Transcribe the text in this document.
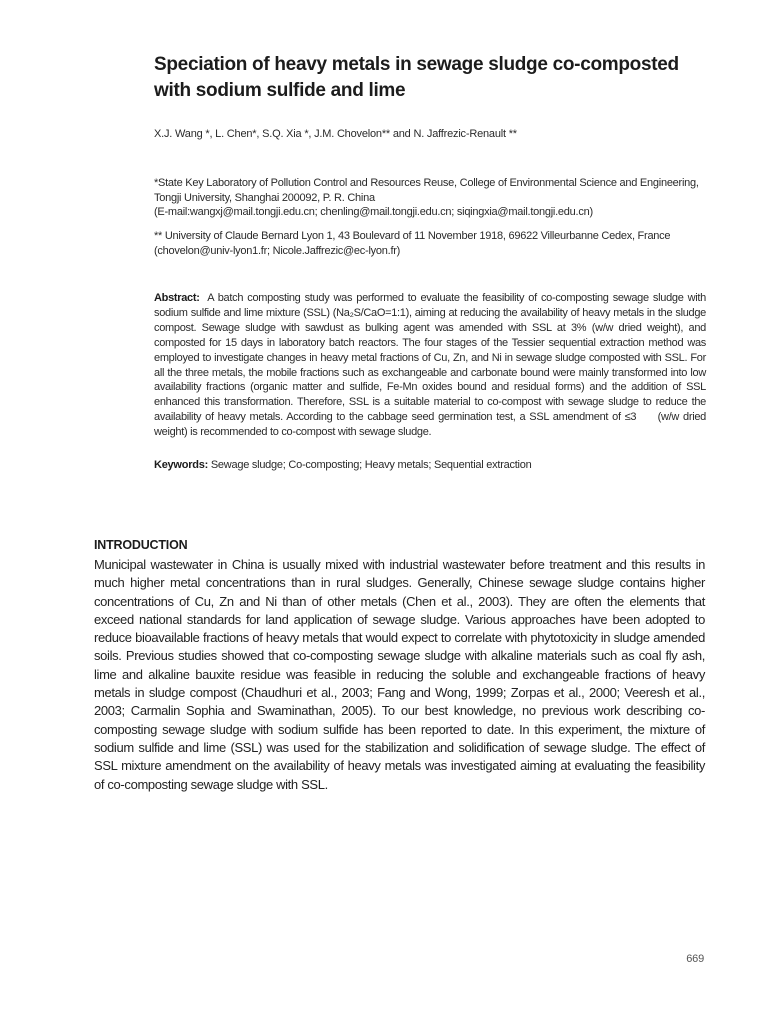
Speciation of heavy metals in sewage sludge co-composted with sodium sulfide and lime
X.J. Wang *, L. Chen*, S.Q. Xia *, J.M. Chovelon** and N. Jaffrezic-Renault **

*State Key Laboratory of Pollution Control and Resources Reuse, College of Environmental Science and Engineering, Tongji University, Shanghai 200092, P. R. China

(E-mail:wangxj@mail.tongji.edu.cn; chenling@mail.tongji.edu.cn; siqingxia@mail.tongji.edu.cn)

** University of Claude Bernard Lyon 1, 43 Boulevard of 11 November 1918, 69622 Villeurbanne Cedex, France

(chovelon@univ-lyon1.fr; Nicole.Jaffrezic@ec-lyon.fr)

Abstract: A batch composting study was performed to evaluate the feasibility of co-composting sewage sludge with sodium sulfide and lime mixture (SSL) (Na₂S/CaO=1:1), aiming at reducing the availability of heavy metals in the sludge compost. Sewage sludge with sawdust as bulking agent was amended with SSL at 3% (w/w dried weight), and composted for 15 days in laboratory batch reactors. The four stages of the Tessier sequential extraction method was employed to investigate changes in heavy metal fractions of Cu, Zn, and Ni in sewage sludge composted with SSL. For all the three metals, the mobile fractions such as exchangeable and carbonate bound were mainly transformed into low availability fractions (organic matter and sulfide, Fe-Mn oxides bound and residual forms) and the addition of SSL enhanced this transformation. Therefore, SSL is a suitable material to co-compost with sewage sludge to reduce the availability of heavy metals. According to the cabbage seed germination test, a SSL amendment of ≤3  (w/w dried weight) is recommended to co-compost with sewage sludge.
Keywords: Sewage sludge; Co-composting; Heavy metals; Sequential extraction
INTRODUCTION
Municipal wastewater in China is usually mixed with industrial wastewater before treatment and this results in much higher metal concentrations than in rural sludges. Generally, Chinese sewage sludge contains higher concentrations of Cu, Zn and Ni than of other metals (Chen et al., 2003). They are often the elements that exceed national standards for land application of sewage sludge. Various approaches have been adopted to reduce bioavailable fractions of heavy metals that would expect to correlate with phytotoxicity in sludge amended soils. Previous studies showed that co-composting sewage sludge with alkaline materials such as coal fly ash, lime and alkaline bauxite residue was feasible in reducing the soluble and exchangeable fractions of heavy metals in sludge compost (Chaudhuri et al., 2003; Fang and Wong, 1999; Zorpas et al., 2000; Veeresh et al., 2003; Carmalin Sophia and Swaminathan, 2005). To our best knowledge, no previous work describing co-composting sewage sludge with sodium sulfide has been reported to date. In this experiment, the mixture of sodium sulfide and lime (SSL) was used for the stabilization and solidification of sewage sludge. The effect of SSL mixture amendment on the availability of heavy metals was investigated aiming at evaluating the feasibility of co-composting sewage sludge with SSL.
669
